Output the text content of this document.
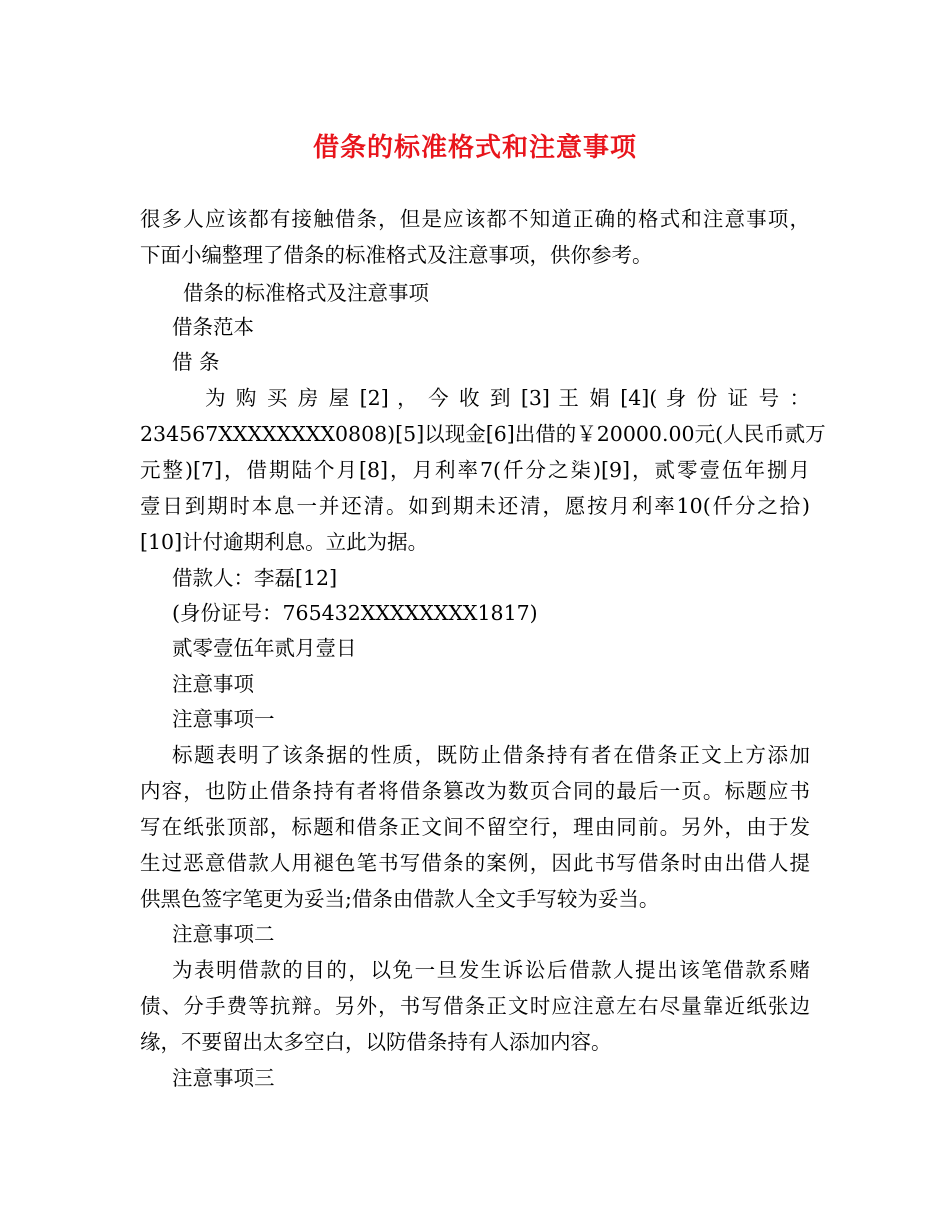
借条的标准格式和注意事项
很多人应该都有接触借条，但是应该都不知道正确的格式和注意事项，
下面小编整理了借条的标准格式及注意事项，供你参考。
借条的标准格式及注意事项
借条范本
借 条
为 购 买 房 屋 [2] ， 今 收 到 [3] 王 娟 [4]( 身 份 证 号 ：
234567XXXXXXXX0808)[5]以现金[6]出借的￥20000.00元(人民币贰万
元整)[7]，借期陆个月[8]，月利率7(仟分之柒)[9]，贰零壹伍年捌月
壹日到期时本息一并还清。如到期未还清，愿按月利率10(仟分之拾)
[10]计付逾期利息。立此为据。
借款人：李磊[12]
(身份证号：765432XXXXXXXX1817)
贰零壹伍年贰月壹日
注意事项
注意事项一
标题表明了该条据的性质，既防止借条持有者在借条正文上方添加
内容，也防止借条持有者将借条篡改为数页合同的最后一页。标题应书
写在纸张顶部，标题和借条正文间不留空行，理由同前。另外，由于发
生过恶意借款人用褪色笔书写借条的案例，因此书写借条时由出借人提
供黑色签字笔更为妥当;借条由借款人全文手写较为妥当。
注意事项二
为表明借款的目的，以免一旦发生诉讼后借款人提出该笔借款系赌
债、分手费等抗辩。另外，书写借条正文时应注意左右尽量靠近纸张边
缘，不要留出太多空白，以防借条持有人添加内容。
注意事项三
